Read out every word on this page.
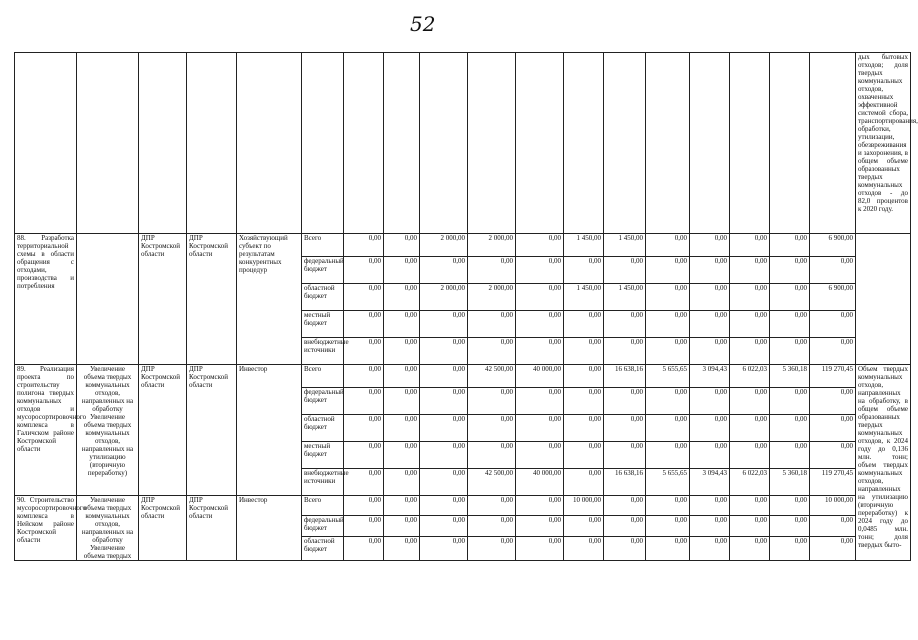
52
																		дых бытовых отходов; доля твердых коммунальных отходов, охваченных эффективной системой сбора, транспортирования, обработки, утилизации, обезвреживания и захоронения, в общем объеме образованных твердых коммунальных отходов - до 82,0 процентов к 2020 году.
88. Разработка территориальной схемы в области обращения с отходами, производства и потребления		ДПР Костромской области	ДПР Костромской области	Хозяйствующий субъект по результатам конкурентных процедур	Всего	0,00	0,00	2 000,00	2 000,00	0,00	1 450,00	1 450,00	0,00	0,00	0,00	0,00	6 900,00	
					федеральный бюджет	0,00	0,00	0,00	0,00	0,00	0,00	0,00	0,00	0,00	0,00	0,00	0,00	
					областной бюджет	0,00	0,00	2 000,00	2 000,00	0,00	1 450,00	1 450,00	0,00	0,00	0,00	0,00	6 900,00	
					местный бюджет	0,00	0,00	0,00	0,00	0,00	0,00	0,00	0,00	0,00	0,00	0,00	0,00	
					внебюджетные источники	0,00	0,00	0,00	0,00	0,00	0,00	0,00	0,00	0,00	0,00	0,00	0,00	
89. Реализация проекта по строительству полигона твердых коммунальных отходов и мусоросортировочного комплекса в Галичском районе Костромской области	Увеличение объема твердых коммунальных отходов, направленных на обработку Увеличение объема твердых коммунальных отходов, направленных на утилизацию (вторичную переработку)	ДПР Костромской области	ДПР Костромской области	Инвестор	Всего	0,00	0,00	0,00	42 500,00	40 000,00	0,00	16 638,16	5 655,65	3 094,43	6 022,03	5 360,18	119 270,45	Объем твердых коммунальных отходов, направленных на обработку, в общем объеме образованных твердых коммунальных отходов, к 2024 году до 0,136 млн. тонн; объем твердых коммунальных отходов, направленных на утилизацию (вторичную переработку) к 2024 году до 0,0485 млн. тонн; доля твердых быто-
					федеральный бюджет	0,00	0,00	0,00	0,00	0,00	0,00	0,00	0,00	0,00	0,00	0,00	0,00	
					областной бюджет	0,00	0,00	0,00	0,00	0,00	0,00	0,00	0,00	0,00	0,00	0,00	0,00	
					местный бюджет	0,00	0,00	0,00	0,00	0,00	0,00	0,00	0,00	0,00	0,00	0,00	0,00	
					внебюджетные источники	0,00	0,00	0,00	42 500,00	40 000,00	0,00	16 638,16	5 655,65	3 094,43	6 022,03	5 360,18	119 270,45	
90. Строительство мусоросортировочного комплекса в Нейском районе Костромской области	Увеличение объема твердых коммунальных отходов, направленных на обработку Увеличение объема твердых	ДПР Костромской области	ДПР Костромской области	Инвестор	Всего	0,00	0,00	0,00	0,00	0,00	10 000,00	0,00	0,00	0,00	0,00	0,00	10 000,00	
					федеральный бюджет	0,00	0,00	0,00	0,00	0,00	0,00	0,00	0,00	0,00	0,00	0,00	0,00	
					областной бюджет	0,00	0,00	0,00	0,00	0,00	0,00	0,00	0,00	0,00	0,00	0,00	0,00	
